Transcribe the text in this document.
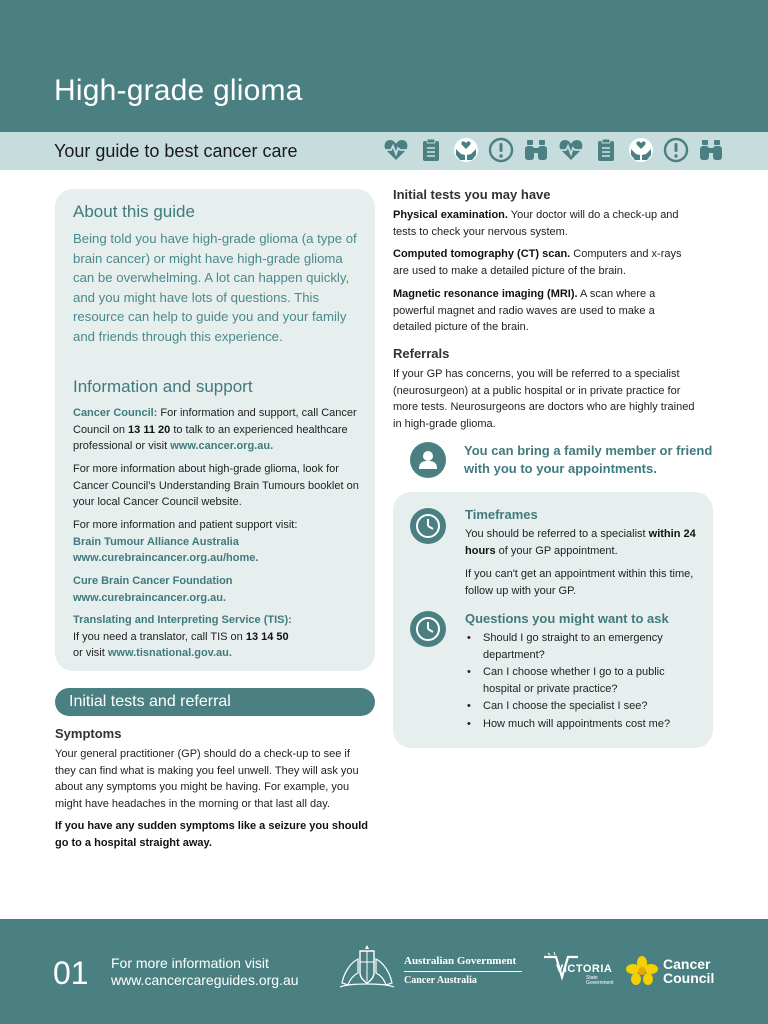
High-grade glioma
Your guide to best cancer care
About this guide

Being told you have high-grade glioma (a type of brain cancer) or might have high-grade glioma can be overwhelming. A lot can happen quickly, and you might have lots of questions. This resource can help to guide you and your family and friends through this experience.

Information and support

Cancer Council: For information and support, call Cancer Council on 13 11 20 to talk to an experienced healthcare professional or visit www.cancer.org.au.

For more information about high-grade glioma, look for Cancer Council's Understanding Brain Tumours booklet on your local Cancer Council website.

For more information and patient support visit:
Brain Tumour Alliance Australia
www.curebraincancer.org.au/home.

Cure Brain Cancer Foundation
www.curebraincancer.org.au.

Translating and Interpreting Service (TIS):
If you need a translator, call TIS on 13 14 50
or visit www.tisnational.gov.au.

Initial tests and referral
Symptoms

Your general practitioner (GP) should do a check-up to see if they can find what is making you feel unwell. They will ask you about any symptoms you might be having. For example, you might have headaches in the morning or that last all day.

If you have any sudden symptoms like a seizure you should go to a hospital straight away.

Initial tests you may have

Physical examination. Your doctor will do a check-up and tests to check your nervous system.

Computed tomography (CT) scan. Computers and x-rays are used to make a detailed picture of the brain.

Magnetic resonance imaging (MRI). A scan where a powerful magnet and radio waves are used to make a detailed picture of the brain.

Referrals

If your GP has concerns, you will be referred to a specialist (neurosurgeon) at a public hospital or in private practice for more tests. Neurosurgeons are doctors who are highly trained in high-grade glioma.

You can bring a family member or friend with you to your appointments.
Timeframes

You should be referred to a specialist within 24 hours of your GP appointment.

If you can't get an appointment within this time, follow up with your GP.

Questions you might want to ask
• Should I go straight to an emergency department?
• Can I choose whether I go to a public hospital or private practice?
• Can I choose the specialist I see?
• How much will appointments cost me?
01 For more information visit
www.cancercareguides.org.au
Australian Government
Cancer Australia
VICTORIA
State
Government
Cancer
Council
